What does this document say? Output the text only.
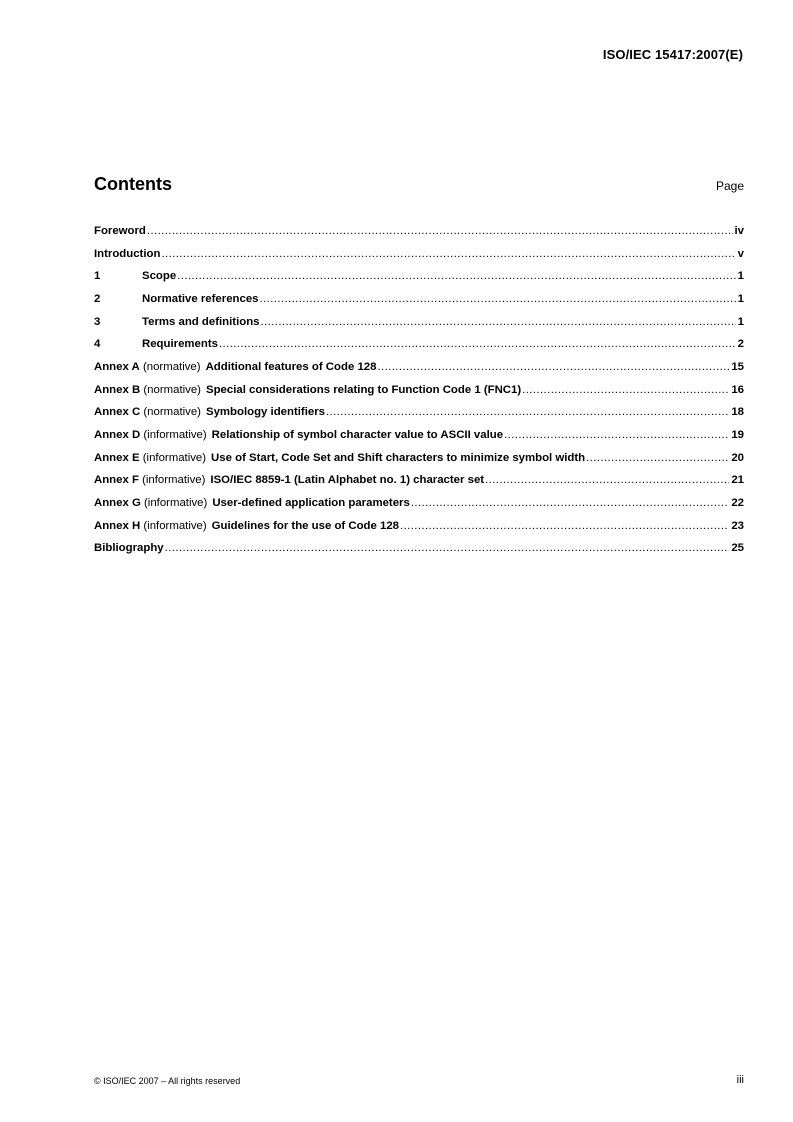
ISO/IEC 15417:2007(E)
Contents	Page
Foreword .....	iv
Introduction .....	v
1	Scope .....	1
2	Normative references .....	1
3	Terms and definitions .....	1
4	Requirements .....	2
Annex A
(normative) Additional features of Code 128 .....	15
Annex B
(normative) Special considerations relating to Function Code 1 (FNC1) .....	16
Annex C
(normative) Symbology identifiers .....	18
Annex D
(informative) Relationship of symbol character value to ASCII value .....	19
Annex E
(informative) Use of Start, Code Set and Shift characters to minimize symbol width .....	20
Annex F
(informative) ISO/IEC 8859-1 (Latin Alphabet no. 1) character set .....	21
Annex G
(informative) User-defined application parameters .....	22
Annex H
(informative) Guidelines for the use of Code 128 .....	23
Bibliography .....	25
© ISO/IEC 2007 – All rights reserved	iii
